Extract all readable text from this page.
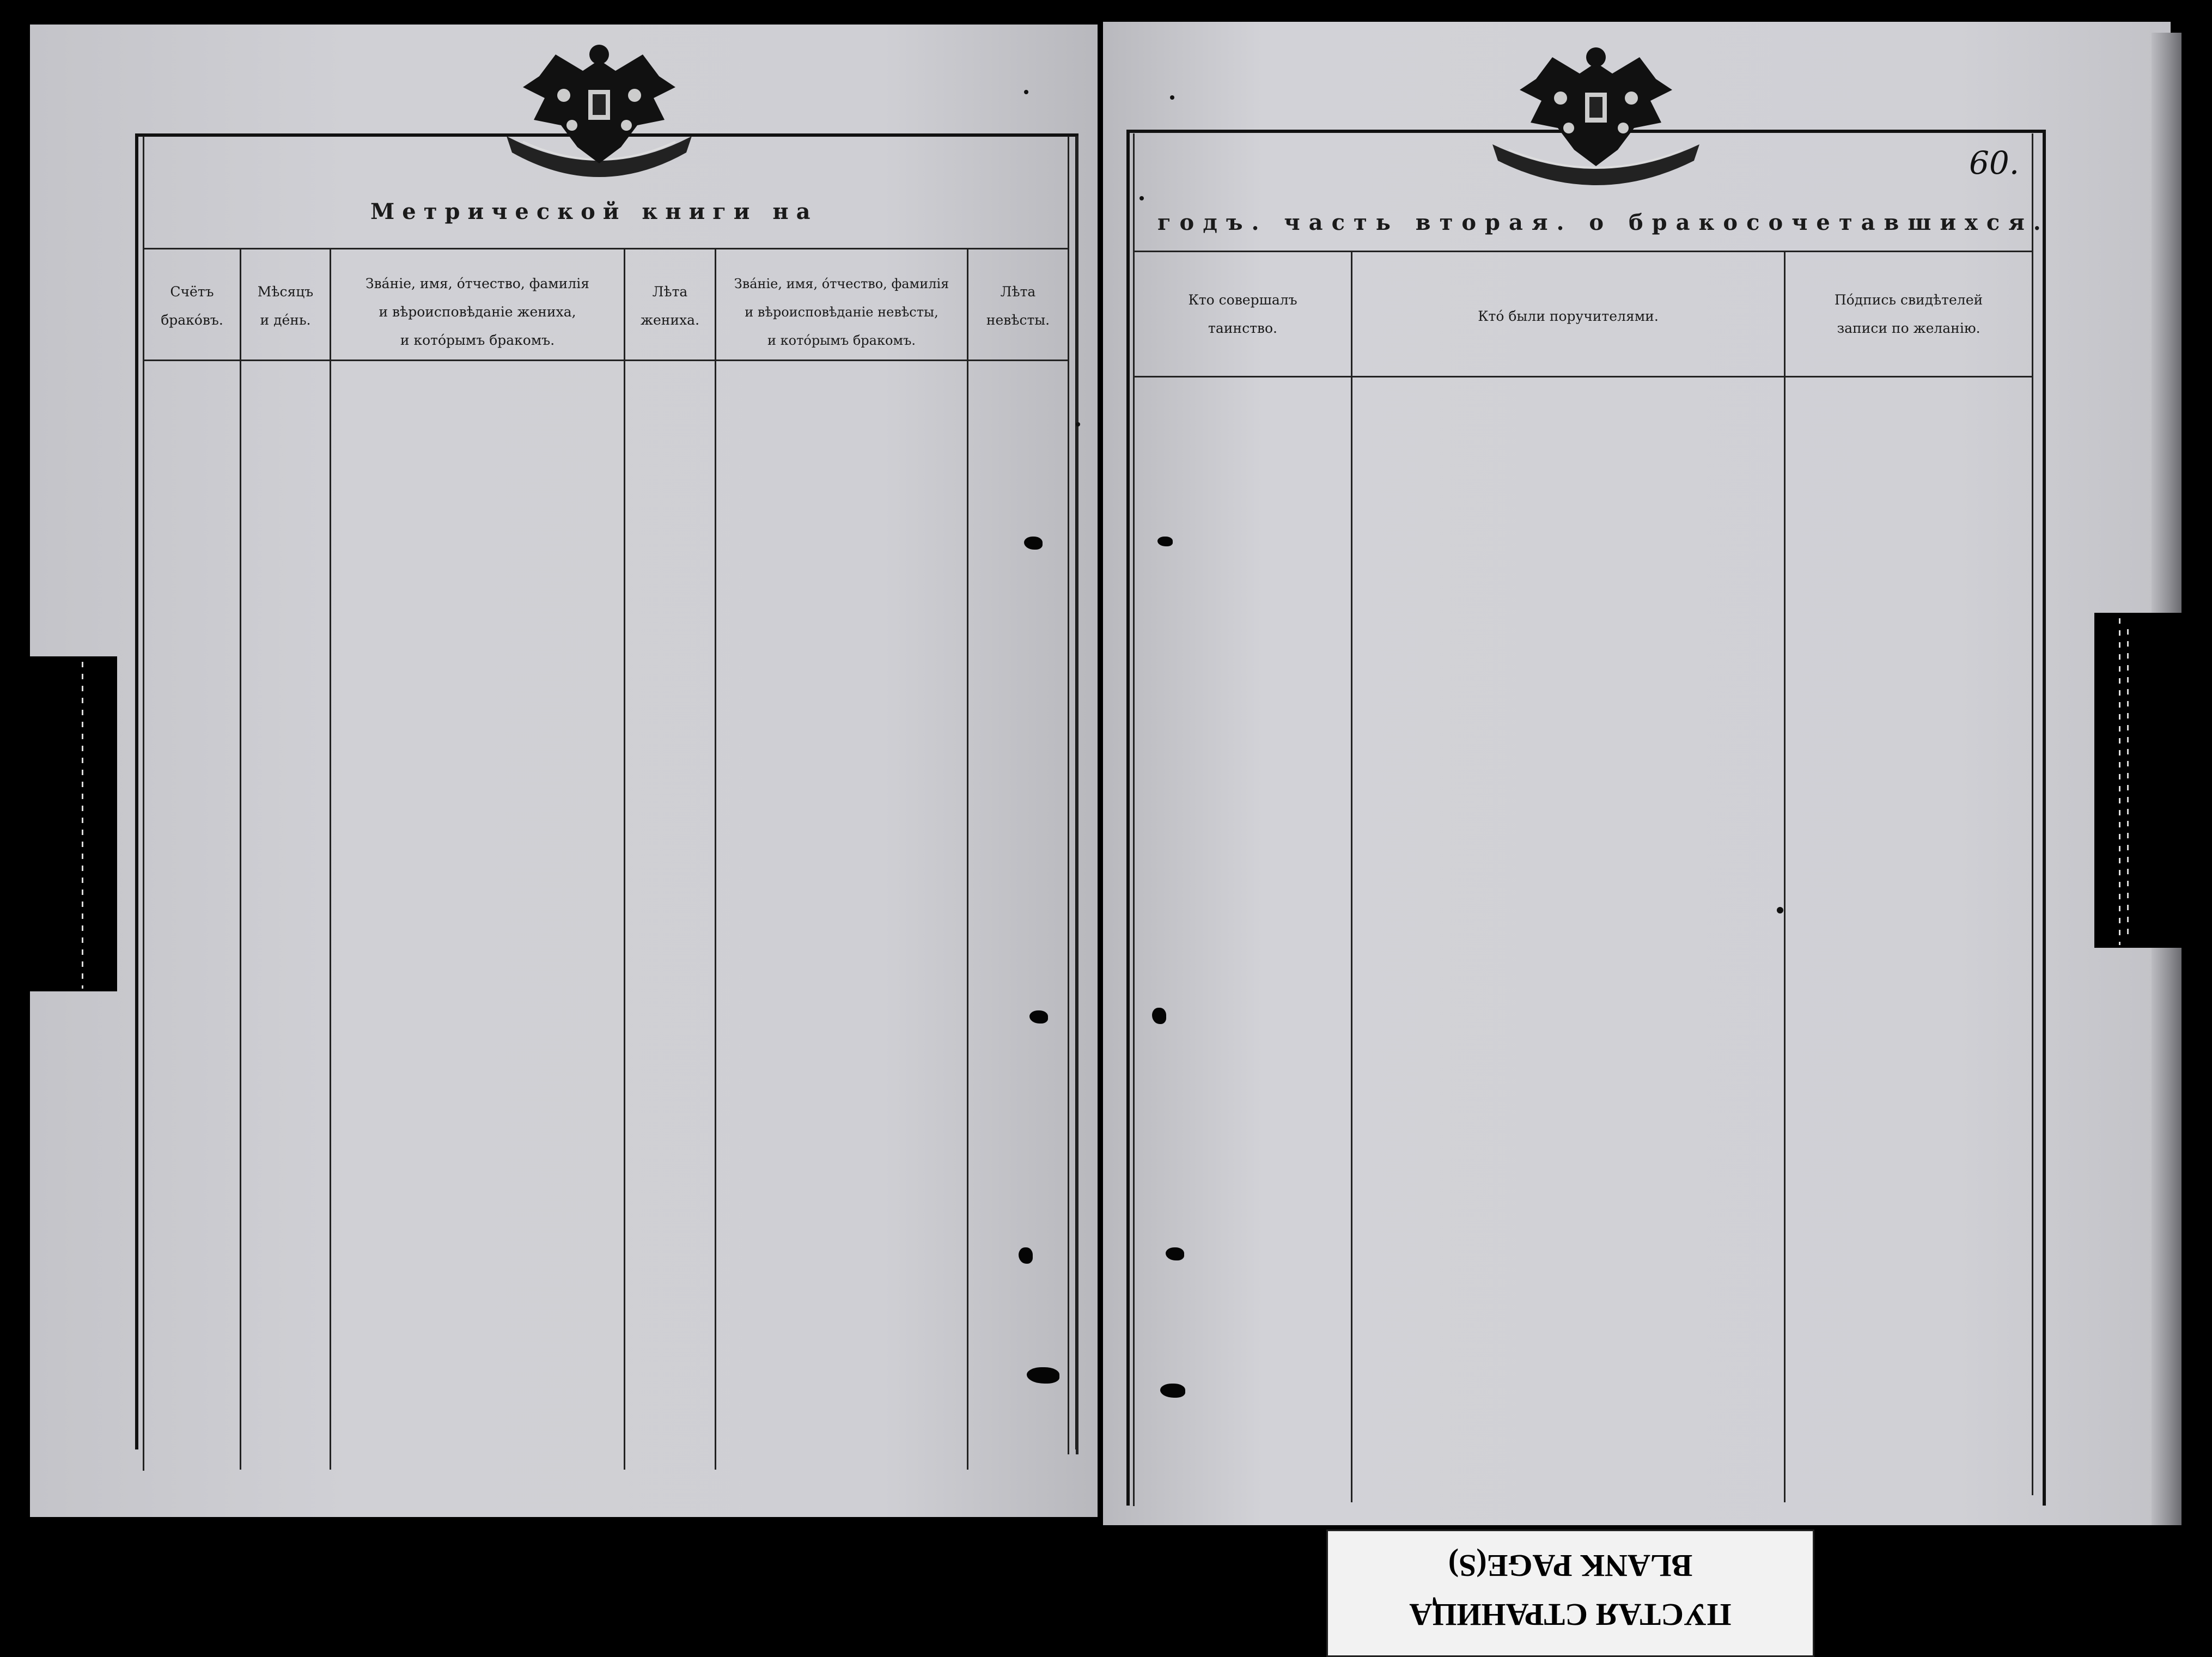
Метрической книги на
Счётъ
бракóвъ.
Мѣсяцъ
и дéнь.
Звáніе, имя, óтчество, фамилія
и вѣроисповѣданіе жениха,
и котóрымъ бракомъ.
Лѣта
жениха.
Звáніе, имя, óтчество, фамилія
и вѣроисповѣданіе невѣсты,
и котóрымъ бракомъ.
Лѣта
невѣсты.
годъ. часть вторая. о бракосочетавшихся.
60.
Кто совершалъ
таинство.
Ктó были поручителями.
Пóдпись свидѣтелей
записи по желанію.
BLANK PAGE(S)
ПУСТАЯ СТРАНИЦА
